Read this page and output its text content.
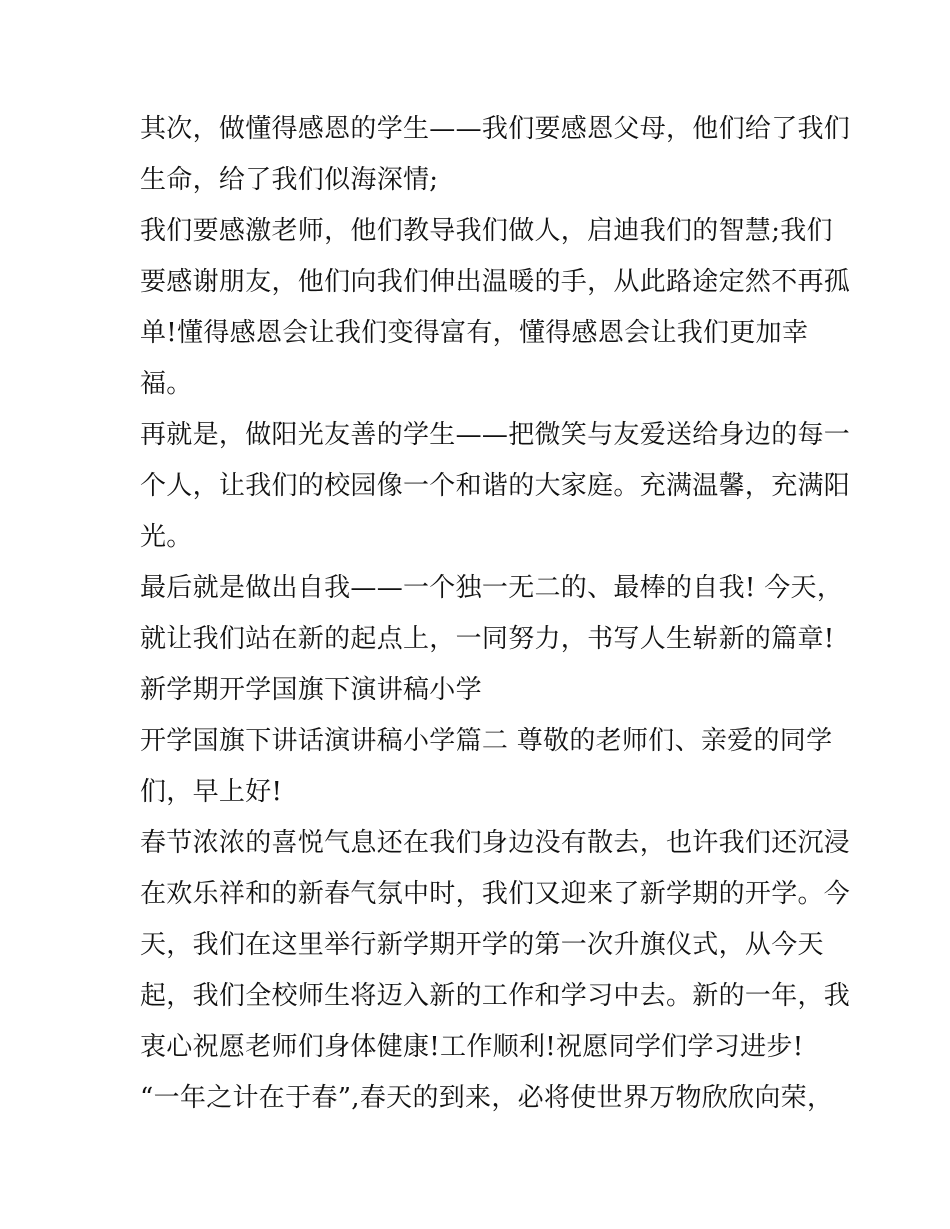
其次，做懂得感恩的学生——我们要感恩父母，他们给了我们
生命，给了我们似海深情;
我们要感激老师，他们教导我们做人，启迪我们的智慧;我们
要感谢朋友，他们向我们伸出温暖的手，从此路途定然不再孤
单!懂得感恩会让我们变得富有，懂得感恩会让我们更加幸
福。
再就是，做阳光友善的学生——把微笑与友爱送给身边的每一
个人，让我们的校园像一个和谐的大家庭。充满温馨，充满阳
光。
最后就是做出自我——一个独一无二的、最棒的自我! 今天，
就让我们站在新的起点上，一同努力，书写人生崭新的篇章!
新学期开学国旗下演讲稿小学
开学国旗下讲话演讲稿小学篇二 尊敬的老师们、亲爱的同学
们，早上好!
春节浓浓的喜悦气息还在我们身边没有散去，也许我们还沉浸
在欢乐祥和的新春气氛中时，我们又迎来了新学期的开学。今
天，我们在这里举行新学期开学的第一次升旗仪式，从今天
起，我们全校师生将迈入新的工作和学习中去。新的一年，我
衷心祝愿老师们身体健康!工作顺利!祝愿同学们学习进步!
“一年之计在于春”,春天的到来，必将使世界万物欣欣向荣，
